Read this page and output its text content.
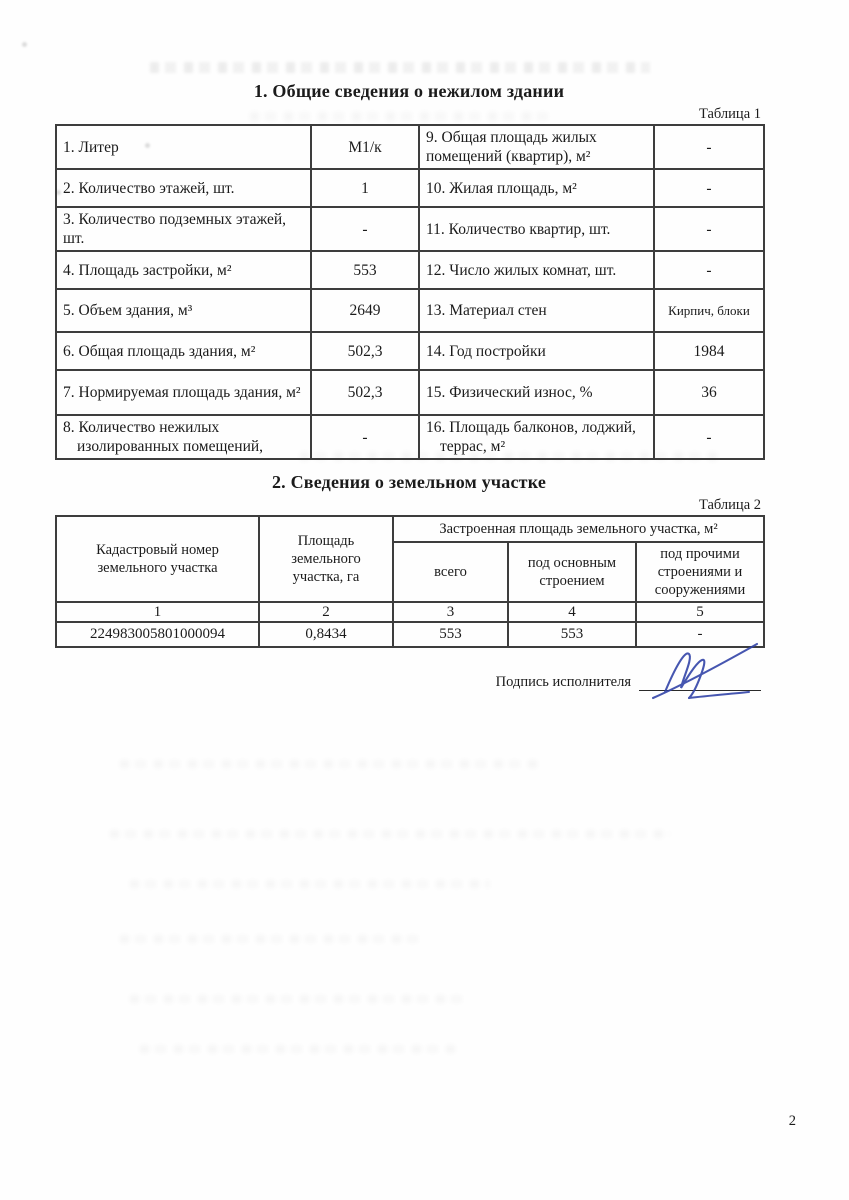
1. Общие сведения о нежилом здании
Таблица 1
1. Литер	М1/к	9. Общая площадь жилых помещений (квартир), м²	-
2. Количество этажей, шт.	1	10. Жилая площадь, м²	-
3. Количество подземных этажей, шт.	-	11. Количество квартир, шт.	-
4. Площадь застройки, м²	553	12. Число жилых комнат, шт.	- ˋ
5. Объем здания, м³	2649	13. Материал стен	Кирпич, блоки
6. Общая площадь здания, м²	502,3	14. Год постройки	1984
7. Нормируемая площадь здания, м²	502,3	15. Физический износ, %	36
8. Количество нежилых изолированных помещений,	-	16. Площадь балконов, лоджий, террас, м²	-
2. Сведения о земельном участке
Таблица 2
Кадастровый номер земельного участка	Площадь земельного участка, га	Застроенная площадь земельного участка, м²		
		всего	под основным строением	под прочими строениями и сооружениями
1	2	3	4	5
224983005801000094	0,8434	553	553	-
Подпись исполнителя
2
